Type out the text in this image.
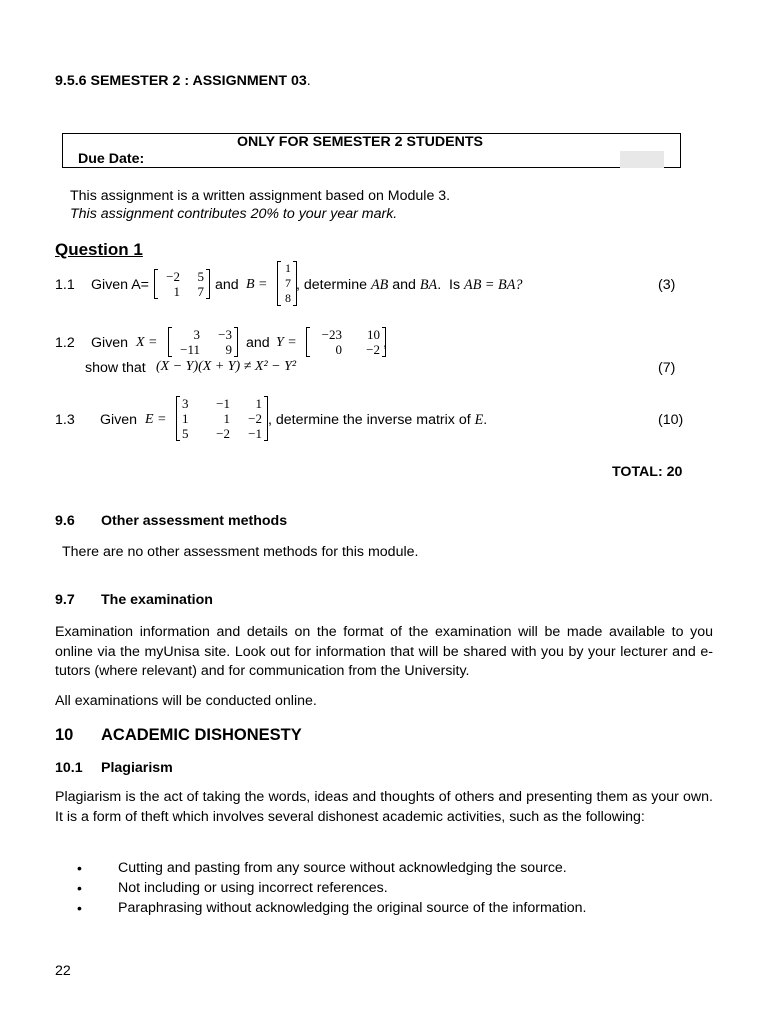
9.5.6 SEMESTER 2 : ASSIGNMENT 03.
ONLY FOR SEMESTER 2 STUDENTS
Due Date:
This assignment is a written assignment based on Module 3.
This assignment contributes 20% to your year mark.
Question 1
1.1 Given A=
−2	5
1	7 and B =
1
7
8
, determine AB and BA. Is AB = BA?	(3)
1.2 Given X =
3	−3
−11	9 and Y =
−23	10
0	−2 ,
show that (X − Y)(X + Y) ≠ X² − Y²	(7)
1.3 Given E =
3	−1	1
1	1	−2
5	−2	−1
, determine the inverse matrix of E.	(10)
TOTAL: 20
9.6 Other assessment methods
There are no other assessment methods for this module.
9.7 The examination
Examination information and details on the format of the examination will be made available to you online via the myUnisa site. Look out for information that will be shared with you by your lecturer and e-tutors (where relevant) and for communication from the University.
All examinations will be conducted online.
10 ACADEMIC DISHONESTY
10.1 Plagiarism
Plagiarism is the act of taking the words, ideas and thoughts of others and presenting them as your own. It is a form of theft which involves several dishonest academic activities, such as the following:
•	Cutting and pasting from any source without acknowledging the source.
•	Not including or using incorrect references.
•	Paraphrasing without acknowledging the original source of the information.
22
